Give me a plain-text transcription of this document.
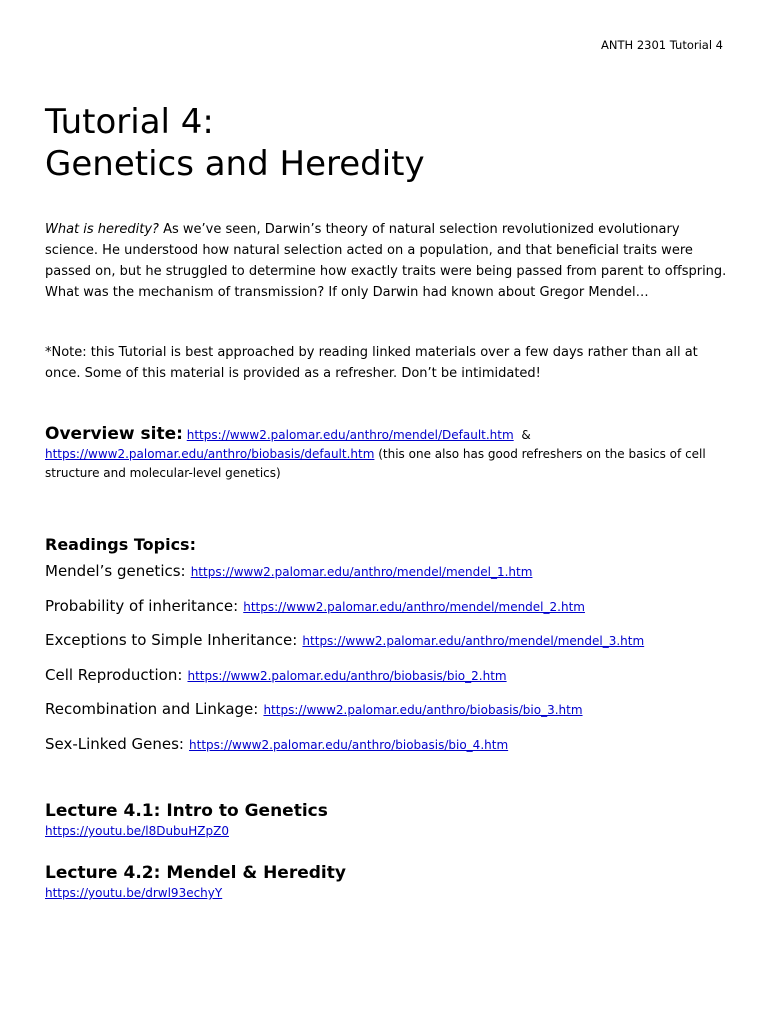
ANTH 2301 Tutorial 4
Tutorial 4:
Genetics and Heredity

What is heredity? As we’ve seen, Darwin’s theory of natural selection revolutionized evolutionary science. He understood how natural selection acted on a population, and that beneficial traits were passed on, but he struggled to determine how exactly traits were being passed from parent to offspring. What was the mechanism of transmission? If only Darwin had known about Gregor Mendel…

*Note: this Tutorial is best approached by reading linked materials over a few days rather than all at once. Some of this material is provided as a refresher. Don’t be intimidated!

Overview site: https://www2.palomar.edu/anthro/mendel/Default.htm &
https://www2.palomar.edu/anthro/biobasis/default.htm (this one also has good refreshers on the basics of cell structure and molecular-level genetics)
Readings Topics:
Mendel’s genetics: https://www2.palomar.edu/anthro/mendel/mendel_1.htm
Probability of inheritance: https://www2.palomar.edu/anthro/mendel/mendel_2.htm
Exceptions to Simple Inheritance: https://www2.palomar.edu/anthro/mendel/mendel_3.htm
Cell Reproduction: https://www2.palomar.edu/anthro/biobasis/bio_2.htm
Recombination and Linkage: https://www2.palomar.edu/anthro/biobasis/bio_3.htm
Sex-Linked Genes: https://www2.palomar.edu/anthro/biobasis/bio_4.htm
Lecture 4.1: Intro to Genetics
https://youtu.be/l8DubuHZpZ0
Lecture 4.2: Mendel & Heredity
https://youtu.be/drwl93echyY
